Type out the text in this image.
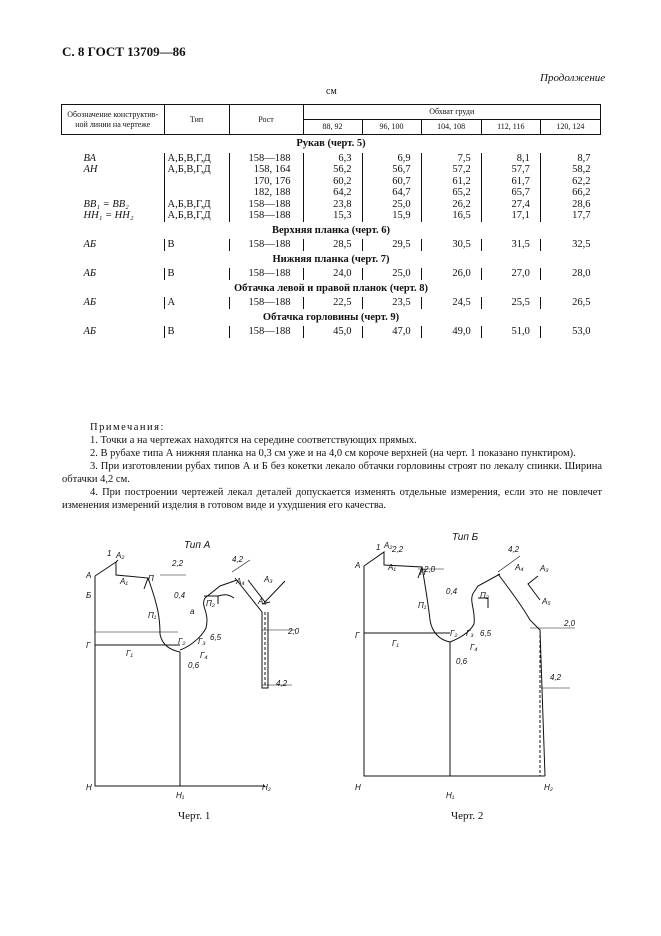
С. 8 ГОСТ 13709—86
Продолжение
см
Обозначение конструктив-ной линии на чертеже	Тип	Рост	Обхват груди				
			88, 92	96, 100	104, 108	112, 116	120, 124
Рукав (черт. 5)							
ВА	А,Б,В,Г,Д	158—188	6,3	6,9	7,5	8,1	8,7
АН	А,Б,В,Г,Д	158, 164	56,2	56,7	57,2	57,7	58,2
		170, 176	60,2	60,7	61,2	61,7	62,2
		182, 188	64,2	64,7	65,2	65,7	66,2
ВВ₁ = ВВ₂	А,Б,В,Г,Д	158—188	23,8	25,0	26,2	27,4	28,6
НН₁ = НН₂	А,Б,В,Г,Д	158—188	15,3	15,9	16,5	17,1	17,7
Верхняя планка (черт. 6)							
АБ	В	158—188	28,5	29,5	30,5	31,5	32,5
Нижняя планка (черт. 7)							
АБ	В	158—188	24,0	25,0	26,0	27,0	28,0
Обтачка левой и правой планок (черт. 8)							
АБ	А	158—188	22,5	23,5	24,5	25,5	26,5
Обтачка горловины (черт. 9)							
АБ	В	158—188	45,0	47,0	49,0	51,0	53,0

Примечания:

1. Точки а на чертежах находятся на середине соответствующих прямых.

2. В рубахе типа А нижняя планка на 0,3 см уже и на 4,0 см короче верхней (на черт. 1 показано пунктиром).

3. При изготовлении рубах типов А и Б без кокетки лекало обтачки горловины строят по лекалу спинки. Ширина обтачки 4,2 см.

4. При построении чертежей лекал деталей допускается изменять отдельные измерения, если это не повлечет изменения измерений изделия в готовом виде и ухудшения его качества.

А
А₂
А₁
1
2,2
П
Б	0,4
П₂
а
П₁
Г
Г₁
Г₂ Г₃
Г₄
0,6
6,5
4,2
А₄ А₃
А₅
2,0
4,2
Н
Н₁
Н₂
А
А₂
А₁
1 2,2
П
2,0
П₁
0,4	П₂
Г
Г₁
Г₂ Г₃
Г₄
0,6
6,5
4,2
А₄ А₃
А₅
2,0
4,2
Н
Н₁
Н₂
Тип А
Тип Б
Черт. 1	Черт. 2
